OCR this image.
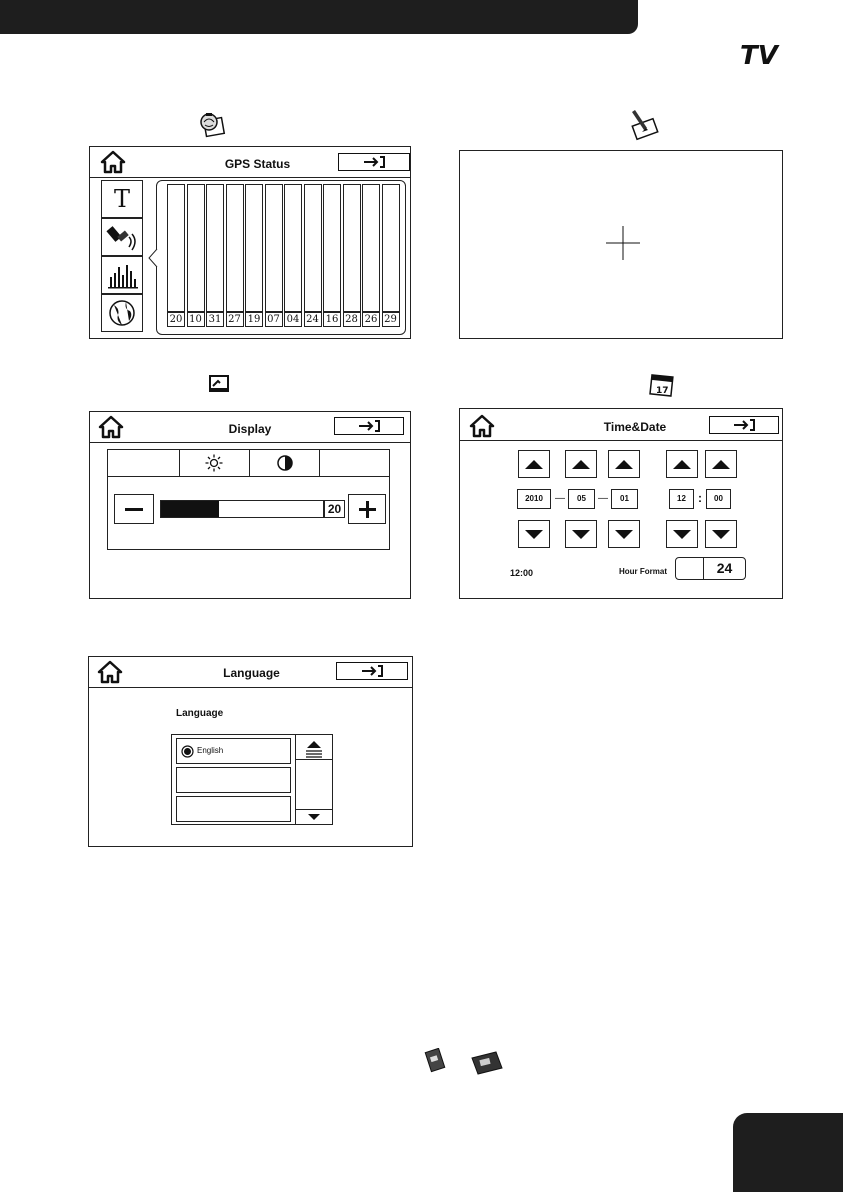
TV
17
GPS Status
T
20 10 31 27 19 07 04 24 16 28 26 29
Display
20
Time&Date
2010	—	05	—	01	12	:	00
12:00	Hour Format	24
Language
Language
English
